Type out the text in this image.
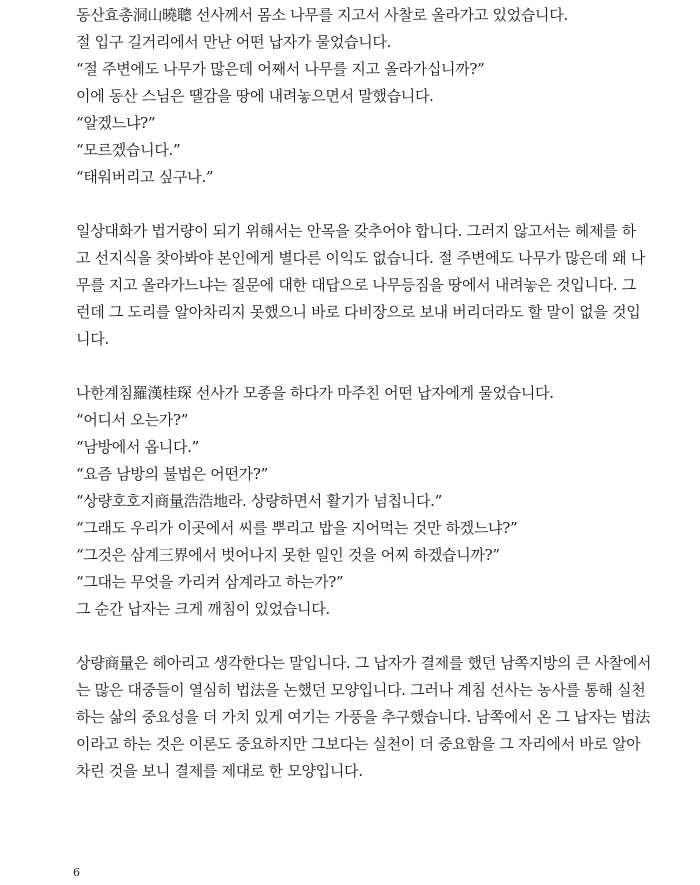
동산효총洞山曉聰 선사께서 몸소 나무를 지고서 사찰로 올라가고 있었습니다.
절 입구 길거리에서 만난 어떤 납자가 물었습니다.
“절 주변에도 나무가 많은데 어째서 나무를 지고 올라가십니까?”
이에 동산 스님은 땔감을 땅에 내려놓으면서 말했습니다.
“알겠느냐?”
“모르겠습니다.”
“태워버리고 싶구나.”
일상대화가 법거량이 되기 위해서는 안목을 갖추어야 합니다. 그러지 않고서는 헤제를 하
고 선지식을 찾아봐야 본인에게 별다른 이익도 없습니다. 절 주변에도 나무가 많은데 왜 나
무를 지고 올라가느냐는 질문에 대한 대답으로 나무등짐을 땅에서 내려놓은 것입니다. 그
런데 그 도리를 알아차리지 못했으니 바로 다비장으로 보내 버리더라도 할 말이 없을 것입
니다.
나한계침羅漢桂琛 선사가 모종을 하다가 마주친 어떤 납자에게 물었습니다.
“어디서 오는가?”
“남방에서 옵니다.”
“요즘 남방의 불법은 어떤가?”
“상량호호지商量浩浩地라. 상량하면서 활기가 넘칩니다.”
“그래도 우리가 이곳에서 씨를 뿌리고 밥을 지어먹는 것만 하겠느냐?”
“그것은 삼계三界에서 벗어나지 못한 일인 것을 어찌 하겠습니까?”
“그대는 무엇을 가리켜 삼계라고 하는가?”
그 순간 납자는 크게 깨침이 있었습니다.
상량商量은 헤아리고 생각한다는 말입니다. 그 납자가 결제를 했던 남쪽지방의 큰 사찰에서
는 많은 대중들이 열심히 법法을 논했던 모양입니다. 그러나 계침 선사는 농사를 통해 실천
하는 삶의 중요성을 더 가치 있게 여기는 가풍을 추구했습니다. 남쪽에서 온 그 납자는 법法
이라고 하는 것은 이론도 중요하지만 그보다는 실천이 더 중요함을 그 자리에서 바로 알아
차린 것을 보니 결제를 제대로 한 모양입니다.
6
